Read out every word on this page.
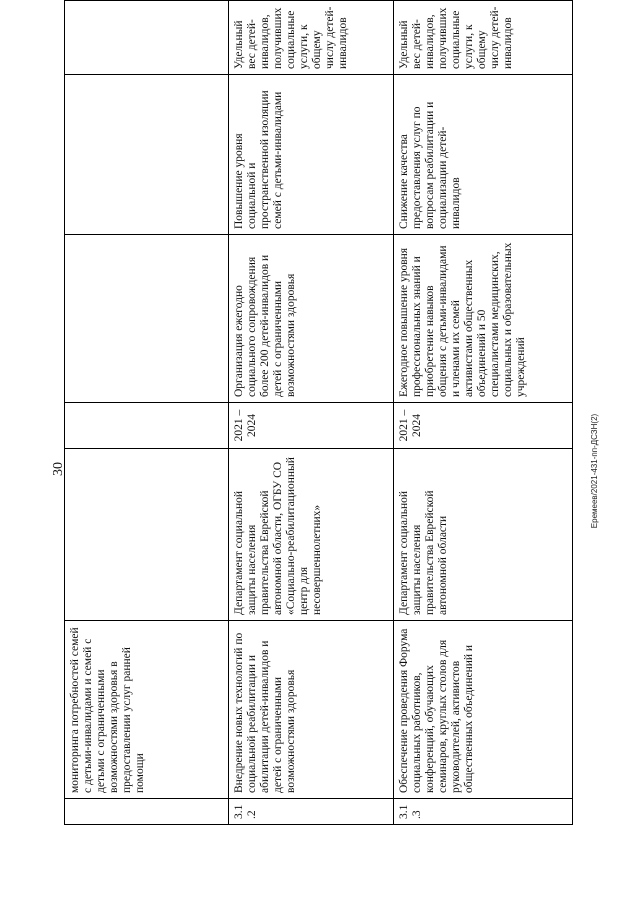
30
	мониторинга потребностей семей с детьми-инвалидами и семей с детьми с ограниченными возможностями здоровья в предоставлении услуг ранней помощи					
3.1.2	Внедрение новых технологий по социальной реабилитации и абилитации детей-инвалидов и детей с ограниченными возможностями здоровья	Департамент социальной защиты населения правительства Еврейской автономной области, ОГБУ СО «Социально-реабилитационный центр для несовершеннолетних»	2021 – 2024	Организация ежегодно социального сопровождения более 200 детей-инвалидов и детей с ограниченными возможностями здоровья	Повышение уровня социальной и пространственной изоляции семей с детьми-инвалидами	Удельный вес детей-инвалидов, получивших социальные услуги, к общему числу детей-инвалидов
3.1.3	Обеспечение проведения Форума социальных работников, конференций, обучающих семинаров, круглых столов для руководителей, активистов общественных объединений и	Департамент социальной защиты населения правительства Еврейской автономной области	2021 – 2024	Ежегодное повышение уровня профессиональных знаний и приобретение навыков общения с детьми-инвалидами и членами их семей активистами общественных объединений и 50 специалистами медицинских, социальных и образовательных учреждений	Снижение качества предоставления услуг по вопросам реабилитации и социализации детей-инвалидов	Удельный вес детей-инвалидов, получивших социальные услуги, к общему числу детей-инвалидов
Еремеев/2021-431-пп-ДСЗН(2)
